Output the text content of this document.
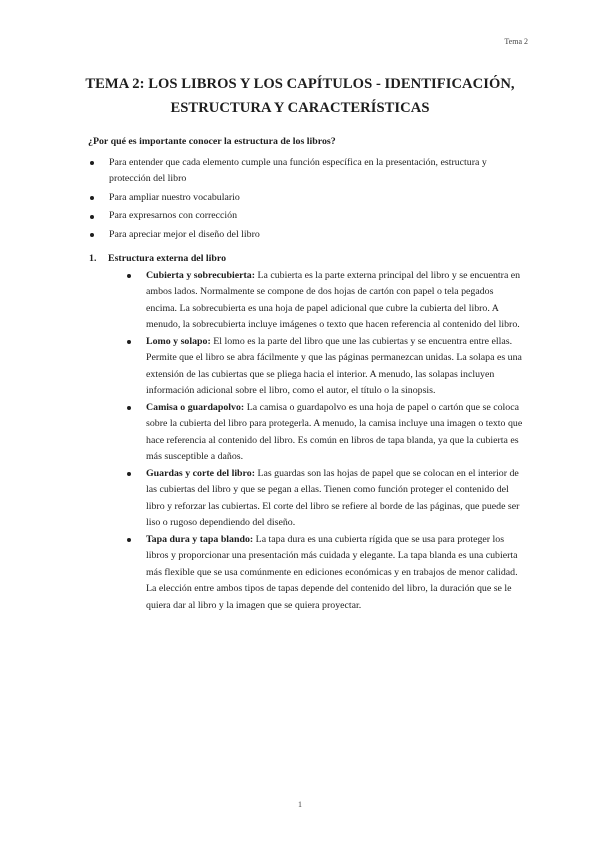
Tema 2
TEMA 2: LOS LIBROS Y LOS CAPÍTULOS - IDENTIFICACIÓN, ESTRUCTURA Y CARACTERÍSTICAS

¿Por qué es importante conocer la estructura de los libros?

Para entender que cada elemento cumple una función específica en la presentación, estructura y protección del libro
Para ampliar nuestro vocabulario
Para expresarnos con corrección
Para apreciar mejor el diseño del libro
1. Estructura externa del libro
Cubierta y sobrecubierta: La cubierta es la parte externa principal del libro y se encuentra en ambos lados. Normalmente se compone de dos hojas de cartón con papel o tela pegados encima. La sobrecubierta es una hoja de papel adicional que cubre la cubierta del libro. A menudo, la sobrecubierta incluye imágenes o texto que hacen referencia al contenido del libro.
Lomo y solapo: El lomo es la parte del libro que une las cubiertas y se encuentra entre ellas. Permite que el libro se abra fácilmente y que las páginas permanezcan unidas. La solapa es una extensión de las cubiertas que se pliega hacia el interior. A menudo, las solapas incluyen información adicional sobre el libro, como el autor, el título o la sinopsis.
Camisa o guardapolvo: La camisa o guardapolvo es una hoja de papel o cartón que se coloca sobre la cubierta del libro para protegerla. A menudo, la camisa incluye una imagen o texto que hace referencia al contenido del libro. Es común en libros de tapa blanda, ya que la cubierta es más susceptible a daños.
Guardas y corte del libro: Las guardas son las hojas de papel que se colocan en el interior de las cubiertas del libro y que se pegan a ellas. Tienen como función proteger el contenido del libro y reforzar las cubiertas. El corte del libro se refiere al borde de las páginas, que puede ser liso o rugoso dependiendo del diseño.
Tapa dura y tapa blando: La tapa dura es una cubierta rígida que se usa para proteger los libros y proporcionar una presentación más cuidada y elegante. La tapa blanda es una cubierta más flexible que se usa comúnmente en ediciones económicas y en trabajos de menor calidad. La elección entre ambos tipos de tapas depende del contenido del libro, la duración que se le quiera dar al libro y la imagen que se quiera proyectar.
1
